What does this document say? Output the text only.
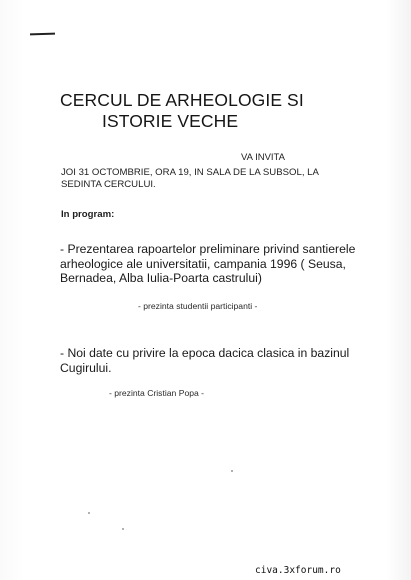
CERCUL DE ARHEOLOGIE SI
ISTORIE VECHE
VA INVITA
JOI 31 OCTOMBRIE, ORA 19, IN SALA DE LA SUBSOL, LA SEDINTA CERCULUI.
In program:
- Prezentarea rapoartelor preliminare privind santierele arheologice ale universitatii, campania 1996 ( Seusa, Bernadea, Alba Iulia-Poarta castrului)
- prezinta studentii participanti -
- Noi date cu privire la epoca dacica clasica in bazinul Cugirului.
- prezinta Cristian Popa -
civa.3xforum.ro
